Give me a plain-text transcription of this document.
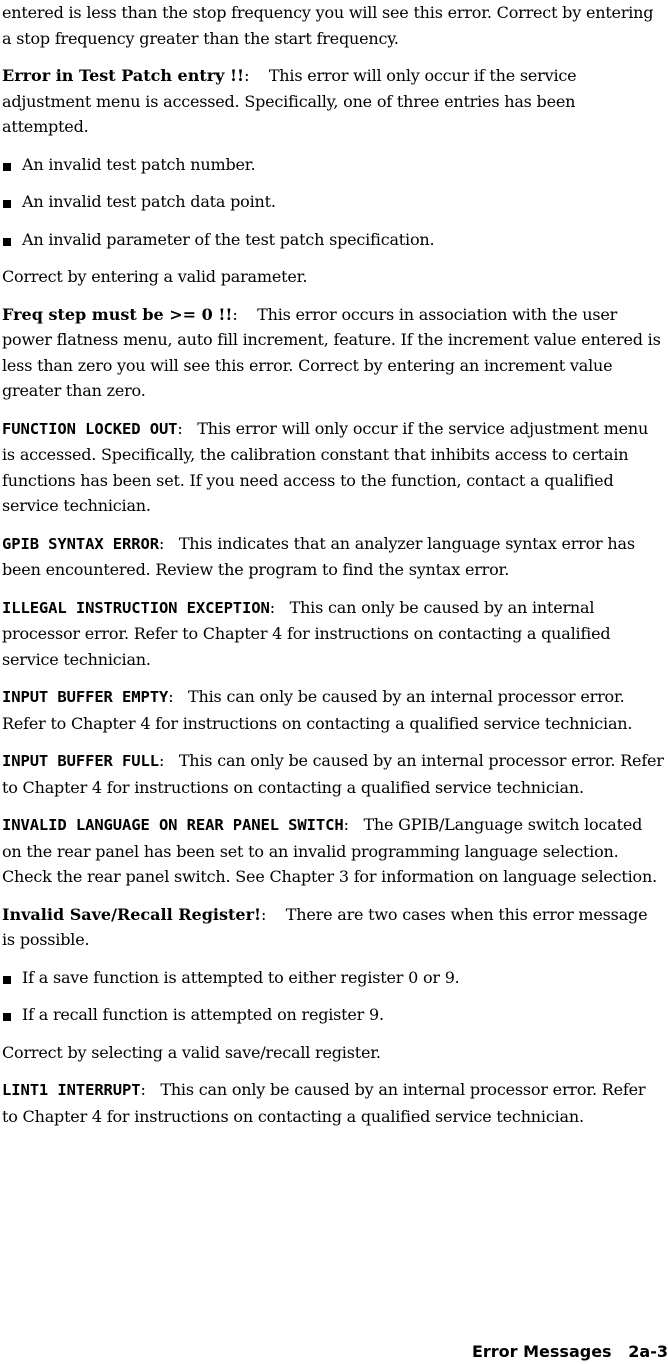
entered is less than the stop frequency you will see this error. Correct by entering a stop frequency greater than the start frequency.

Error in Test Patch entry !!:    This error will only occur if the service adjustment menu is accessed. Specifically, one of three entries has been attempted.

An invalid test patch number.
An invalid test patch data point.
An invalid parameter of the test patch specification.

Correct by entering a valid parameter.

Freq step must be >= 0 !!:    This error occurs in association with the user power flatness menu, auto fill increment, feature. If the increment value entered is less than zero you will see this error. Correct by entering an increment value greater than zero.

FUNCTION LOCKED OUT:   This error will only occur if the service adjustment menu is accessed. Specifically, the calibration constant that inhibits access to certain functions has been set. If you need access to the function, contact a qualified service technician.

GPIB SYNTAX ERROR:   This indicates that an analyzer language syntax error has been encountered. Review the program to find the syntax error.

ILLEGAL INSTRUCTION EXCEPTION:   This can only be caused by an internal processor error. Refer to Chapter 4 for instructions on contacting a qualified service technician.

INPUT BUFFER EMPTY:   This can only be caused by an internal processor error. Refer to Chapter 4 for instructions on contacting a qualified service technician.

INPUT BUFFER FULL:   This can only be caused by an internal processor error. Refer to Chapter 4 for instructions on contacting a qualified service technician.

INVALID LANGUAGE ON REAR PANEL SWITCH:   The GPIB/Language switch located on the rear panel has been set to an invalid programming language selection. Check the rear panel switch. See Chapter 3 for information on language selection.

Invalid Save/Recall Register!:    There are two cases when this error message is possible.

If a save function is attempted to either register 0 or 9.
If a recall function is attempted on register 9.

Correct by selecting a valid save/recall register.

LINT1 INTERRUPT:   This can only be caused by an internal processor error. Refer to Chapter 4 for instructions on contacting a qualified service technician.

Error Messages 2a-3
